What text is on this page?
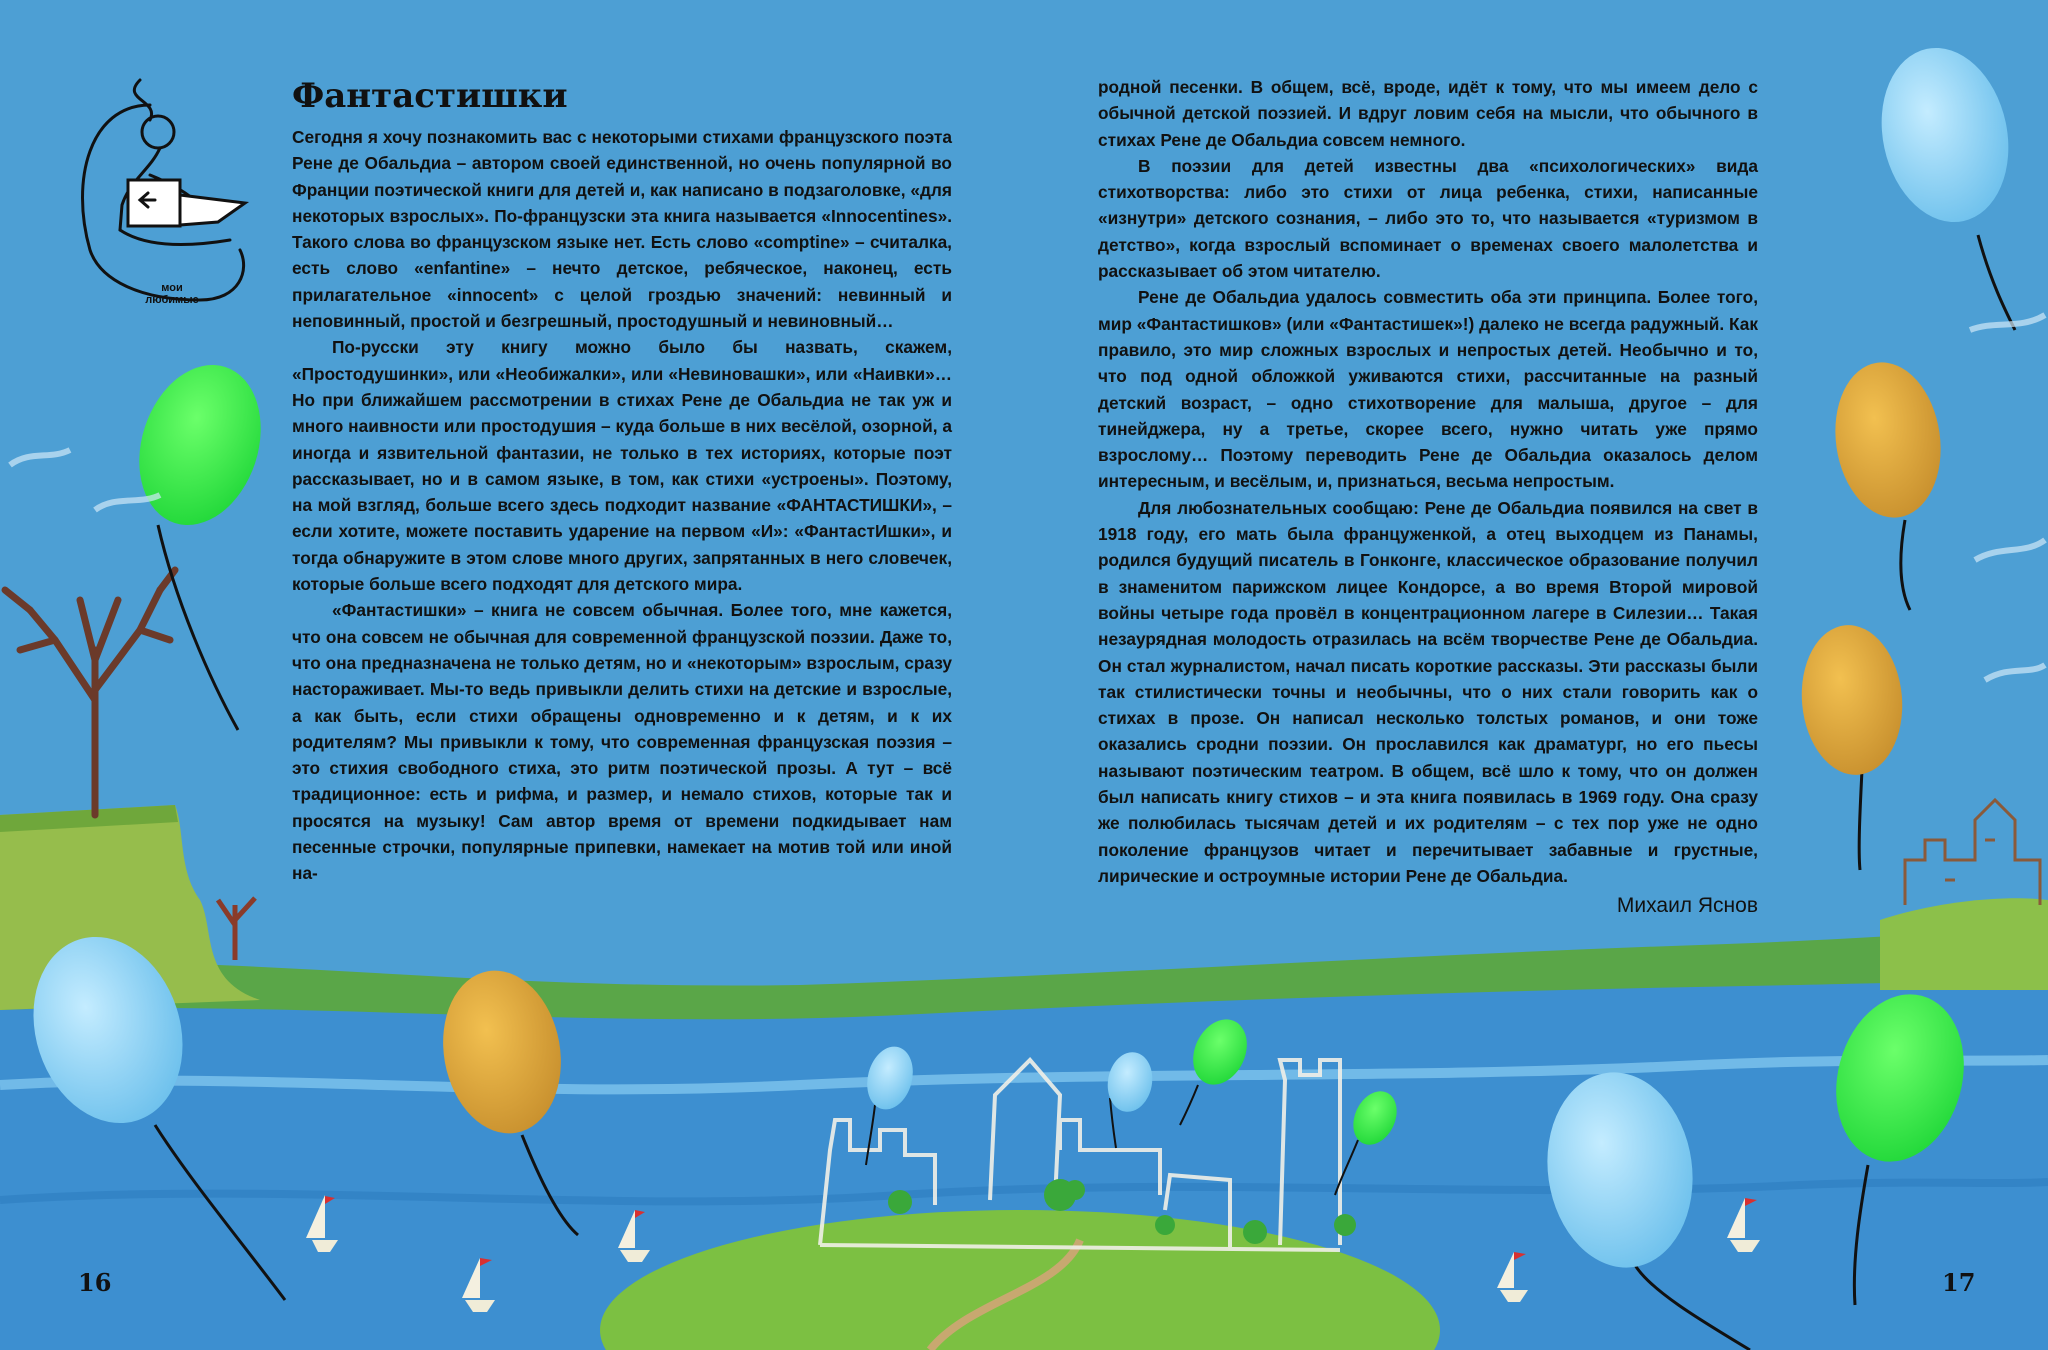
Фантастишки
мои
любимые

Сегодня я хочу познакомить вас с некоторыми стихами французского поэта Рене де Обальдиа – автором своей единственной, но очень популярной во Франции поэтической книги для детей и, как написано в подзаголовке, «для некоторых взрослых». По-французски эта книга называется «Innocentines». Такого слова во французском языке нет. Есть слово «comptine» – считалка, есть слово «enfantine» – нечто детское, ребяческое, наконец, есть прилагательное «innocent» с целой гроздью значений: невинный и неповинный, простой и безгрешный, простодушный и невиновный…

По-русски эту книгу можно было бы назвать, скажем, «Простодушинки», или «Необижалки», или «Невиновашки», или «Наивки»… Но при ближайшем рассмотрении в стихах Рене де Обальдиа не так уж и много наивности или простодушия – куда больше в них весёлой, озорной, а иногда и язвительной фантазии, не только в тех историях, которые поэт рассказывает, но и в самом языке, в том, как стихи «устроены». Поэтому, на мой взгляд, больше всего здесь подходит название «ФАНТАСТИШКИ», – если хотите, можете поставить ударение на первом «И»: «ФантастИшки», и тогда обнаружите в этом слове много других, запрятанных в него словечек, которые больше всего подходят для детского мира.

«Фантастишки» – книга не совсем обычная. Более того, мне кажется, что она совсем не обычная для современной французской поэзии. Даже то, что она предназначена не только детям, но и «некоторым» взрослым, сразу настораживает. Мы-то ведь привыкли делить стихи на детские и взрослые, а как быть, если стихи обращены одновременно и к детям, и к их родителям? Мы привыкли к тому, что современная французская поэзия – это стихия свободного стиха, это ритм поэтической прозы. А тут – всё традиционное: есть и рифма, и размер, и немало стихов, которые так и просятся на музыку! Сам автор время от времени подкидывает нам песенные строчки, популярные припевки, намекает на мотив той или иной на-

родной песенки. В общем, всё, вроде, идёт к тому, что мы имеем дело с обычной детской поэзией. И вдруг ловим себя на мысли, что обычного в стихах Рене де Обальдиа совсем немного.

В поэзии для детей известны два «психологических» вида стихотворства: либо это стихи от лица ребенка, стихи, написанные «изнутри» детского сознания, – либо это то, что называется «туризмом в детство», когда взрослый вспоминает о временах своего малолетства и рассказывает об этом читателю.

Рене де Обальдиа удалось совместить оба эти принципа. Более того, мир «Фантастишков» (или «Фантастишек»!) далеко не всегда радужный. Как правило, это мир сложных взрослых и непростых детей. Необычно и то, что под одной обложкой уживаются стихи, рассчитанные на разный детский возраст, – одно стихотворение для малыша, другое – для тинейджера, ну а третье, скорее всего, нужно читать уже прямо взрослому… Поэтому переводить Рене де Обальдиа оказалось делом интересным, и весёлым, и, признаться, весьма непростым.

Для любознательных сообщаю: Рене де Обальдиа появился на свет в 1918 году, его мать была француженкой, а отец выходцем из Панамы, родился будущий писатель в Гонконге, классическое образование получил в знаменитом парижском лицее Кондорсе, а во время Второй мировой войны четыре года провёл в концентрационном лагере в Силезии… Такая незаурядная молодость отразилась на всём творчестве Рене де Обальдиа. Он стал журналистом, начал писать короткие рассказы. Эти рассказы были так стилистически точны и необычны, что о них стали говорить как о стихах в прозе. Он написал несколько толстых романов, и они тоже оказались сродни поэзии. Он прославился как драматург, но его пьесы называют поэтическим театром. В общем, всё шло к тому, что он должен был написать книгу стихов – и эта книга появилась в 1969 году. Она сразу же полюбилась тысячам детей и их родителям – с тех пор уже не одно поколение французов читает и перечитывает забавные и грустные, лирические и остроумные истории Рене де Обальдиа.

Михаил Яснов

16	17
